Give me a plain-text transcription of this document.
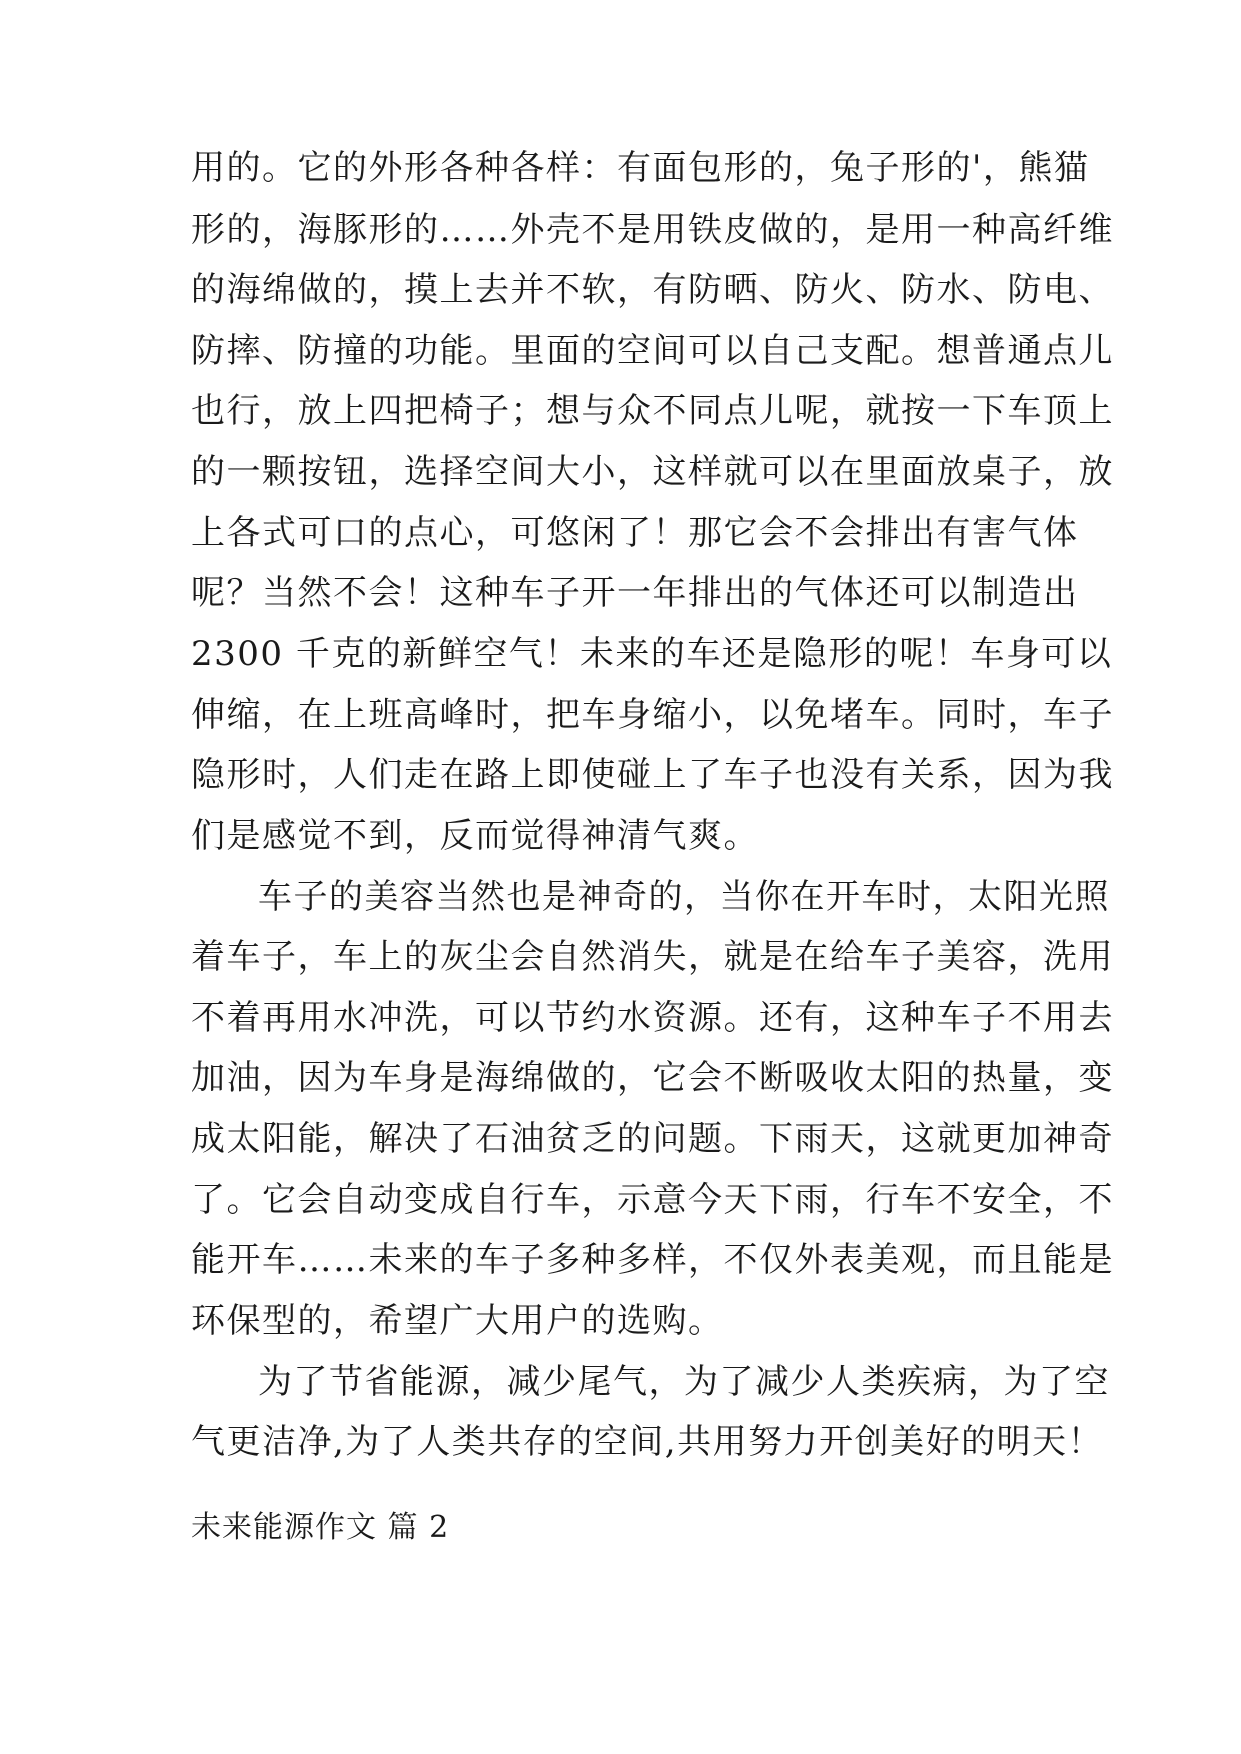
用的。它的外形各种各样：有面包形的，兔子形的'，熊猫
形的，海豚形的……外壳不是用铁皮做的，是用一种高纤维
的海绵做的，摸上去并不软，有防晒、防火、防水、防电、
防摔、防撞的功能。里面的空间可以自己支配。想普通点儿
也行，放上四把椅子；想与众不同点儿呢，就按一下车顶上
的一颗按钮，选择空间大小，这样就可以在里面放桌子，放
上各式可口的点心，可悠闲了！那它会不会排出有害气体
呢？当然不会！这种车子开一年排出的气体还可以制造出
2300 千克的新鲜空气！未来的车还是隐形的呢！车身可以
伸缩，在上班高峰时，把车身缩小，以免堵车。同时，车子
隐形时，人们走在路上即使碰上了车子也没有关系，因为我
们是感觉不到，反而觉得神清气爽。
车子的美容当然也是神奇的，当你在开车时，太阳光照
着车子，车上的灰尘会自然消失，就是在给车子美容，洗用
不着再用水冲洗，可以节约水资源。还有，这种车子不用去
加油，因为车身是海绵做的，它会不断吸收太阳的热量，变
成太阳能，解决了石油贫乏的问题。下雨天，这就更加神奇
了。它会自动变成自行车，示意今天下雨，行车不安全，不
能开车……未来的车子多种多样，不仅外表美观，而且能是
环保型的，希望广大用户的选购。
为了节省能源，减少尾气，为了减少人类疾病，为了空
气更洁净,为了人类共存的空间,共用努力开创美好的明天！
未来能源作文 篇 2
